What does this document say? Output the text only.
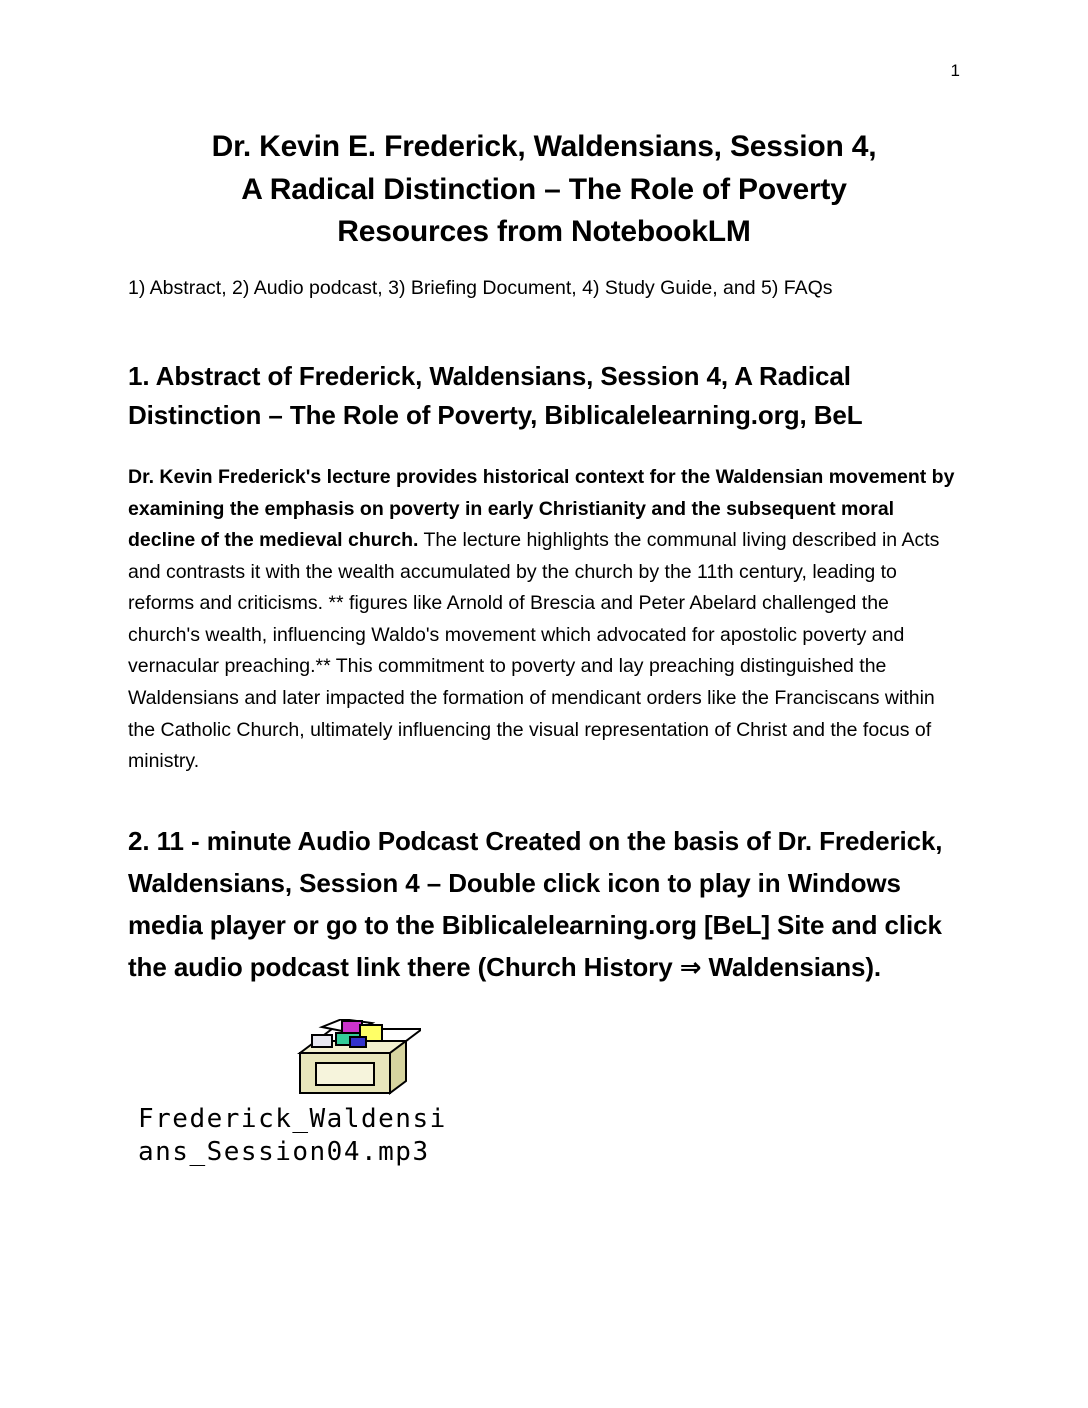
1
Dr. Kevin E. Frederick, Waldensians, Session 4,
A Radical Distinction – The Role of Poverty
Resources from NotebookLM

1) Abstract, 2) Audio podcast, 3) Briefing Document, 4) Study Guide, and 5) FAQs

1. Abstract of Frederick, Waldensians, Session 4, A Radical Distinction – The Role of Poverty, Biblicalelearning.org, BeL

Dr. Kevin Frederick's lecture provides historical context for the Waldensian movement by examining the emphasis on poverty in early Christianity and the subsequent moral decline of the medieval church. The lecture highlights the communal living described in Acts and contrasts it with the wealth accumulated by the church by the 11th century, leading to reforms and criticisms. ** figures like Arnold of Brescia and Peter Abelard challenged the church's wealth, influencing Waldo's movement which advocated for apostolic poverty and vernacular preaching.** This commitment to poverty and lay preaching distinguished the Waldensians and later impacted the formation of mendicant orders like the Franciscans within the Catholic Church, ultimately influencing the visual representation of Christ and the focus of ministry.

2. 11 - minute Audio Podcast Created on the basis of Dr. Frederick, Waldensians, Session 4 – Double click icon to play in Windows media player or go to the Biblicalelearning.org [BeL] Site and click the audio podcast link there (Church History ⇒ Waldensians).
Frederick_Waldensi
ans_Session04.mp3
